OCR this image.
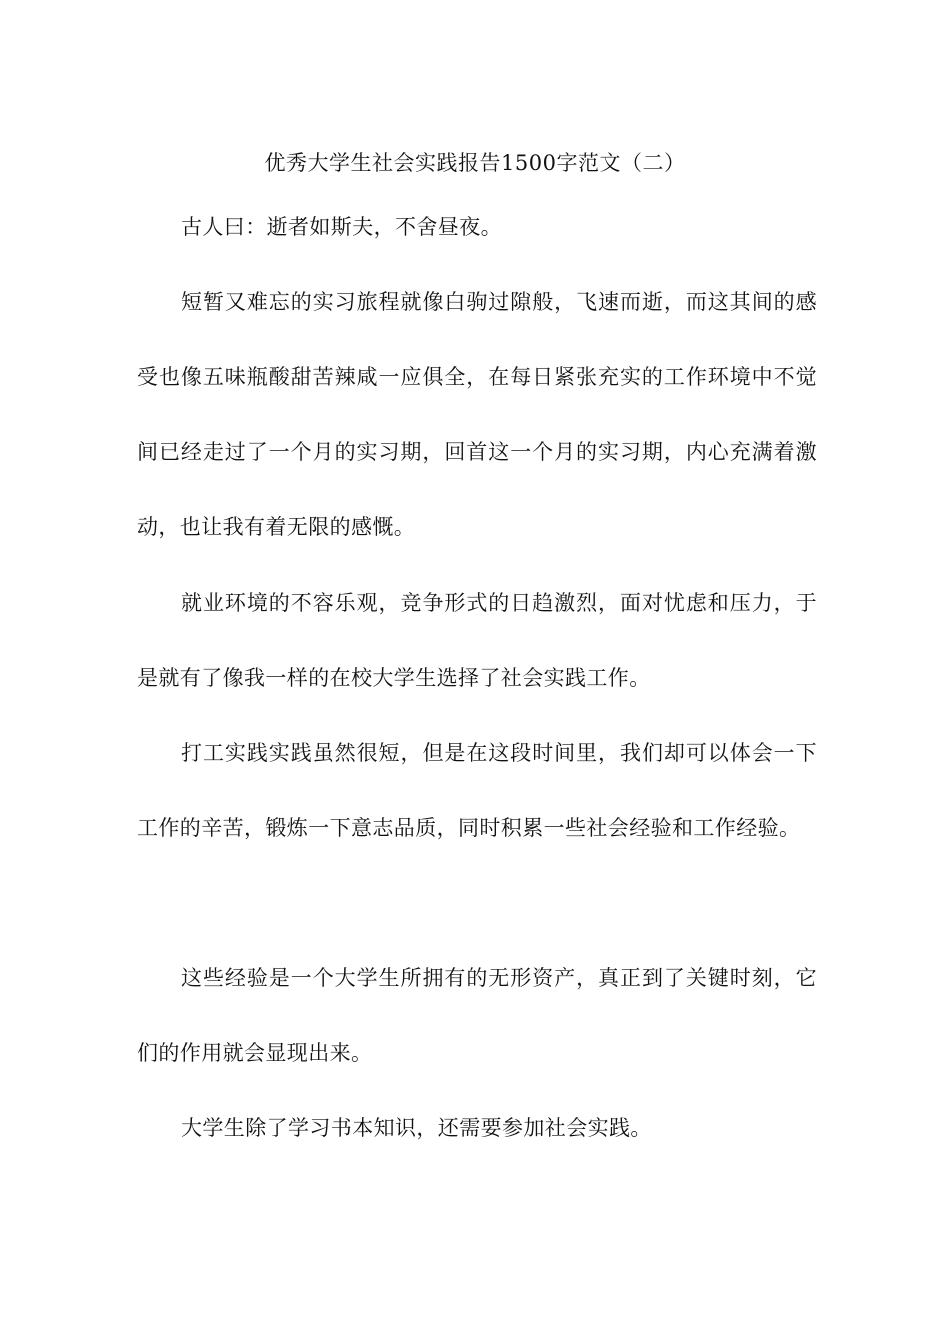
优秀大学生社会实践报告1500字范文（二）

古人曰：逝者如斯夫，不舍昼夜。

短暂又难忘的实习旅程就像白驹过隙般，飞速而逝，而这其间的感受也像五味瓶酸甜苦辣咸一应俱全，在每日紧张充实的工作环境中不觉间已经走过了一个月的实习期，回首这一个月的实习期，内心充满着激动，也让我有着无限的感慨。

就业环境的不容乐观，竞争形式的日趋激烈，面对忧虑和压力，于是就有了像我一样的在校大学生选择了社会实践工作。

打工实践实践虽然很短，但是在这段时间里，我们却可以体会一下工作的辛苦，锻炼一下意志品质，同时积累一些社会经验和工作经验。

这些经验是一个大学生所拥有的无形资产，真正到了关键时刻，它们的作用就会显现出来。

大学生除了学习书本知识，还需要参加社会实践。
